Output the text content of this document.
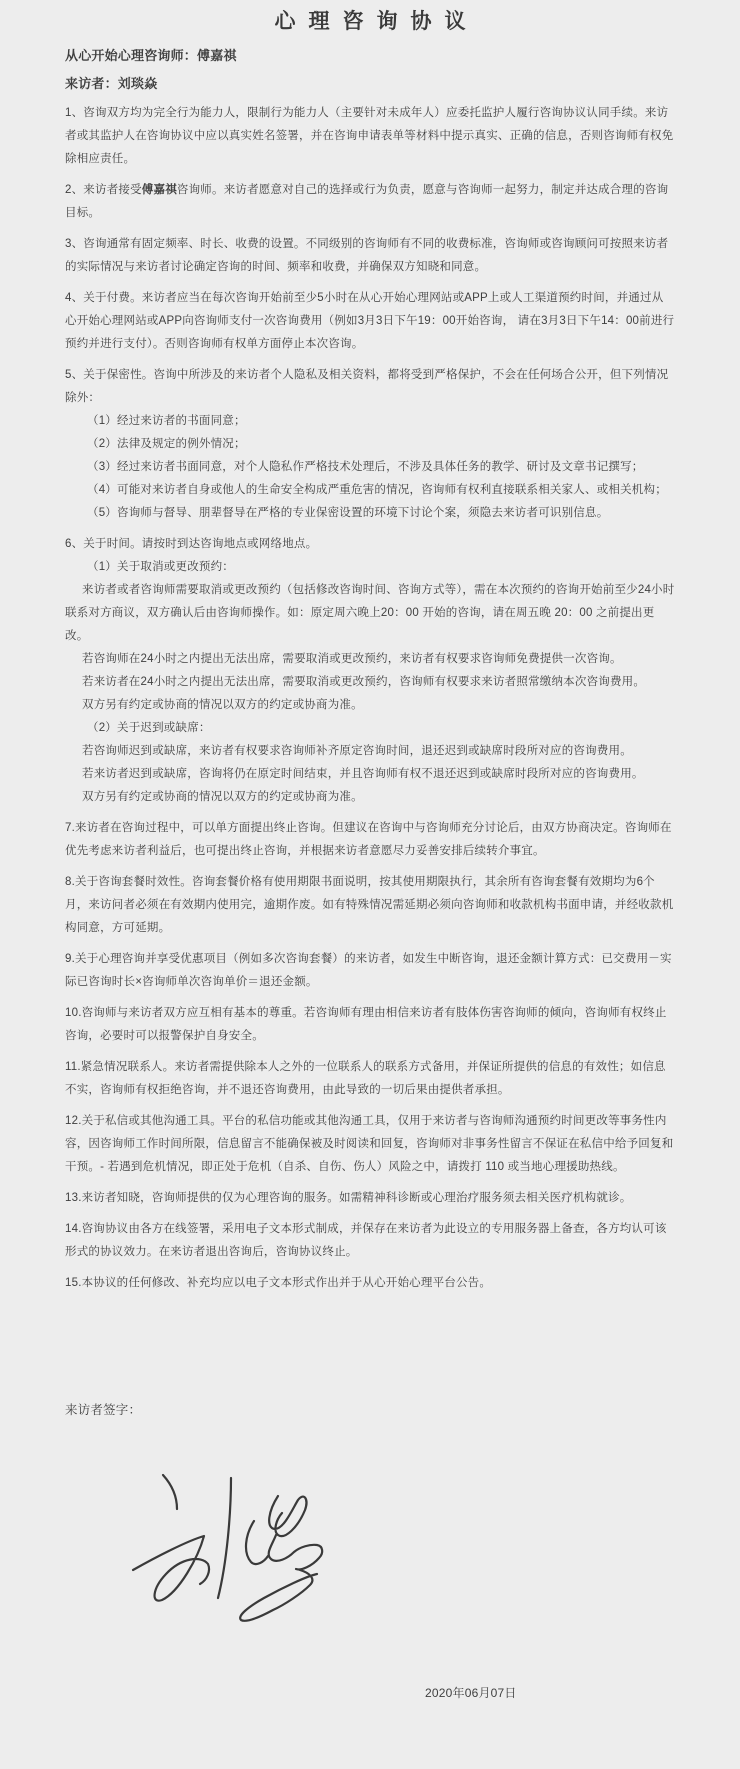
心理咨询协议
从心开始心理咨询师：傅嘉祺
来访者：刘琰焱

1、咨询双方均为完全行为能力人，限制行为能力人（主要针对未成年人）应委托监护人履行咨询协议认同手续。来访者或其监护人在咨询协议中应以真实姓名签署，并在咨询申请表单等材料中提示真实、正确的信息，否则咨询师有权免除相应责任。

2、来访者接受傅嘉祺咨询师。来访者愿意对自己的选择或行为负责，愿意与咨询师一起努力，制定并达成合理的咨询目标。

3、咨询通常有固定频率、时长、收费的设置。不同级别的咨询师有不同的收费标准，咨询师或咨询顾问可按照来访者的实际情况与来访者讨论确定咨询的时间、频率和收费，并确保双方知晓和同意。

4、关于付费。来访者应当在每次咨询开始前至少5小时在从心开始心理网站或APP上或人工渠道预约时间，并通过从心开始心理网站或APP向咨询师支付一次咨询费用（例如3月3日下午19：00开始咨询， 请在3月3日下午14：00前进行预约并进行支付）。否则咨询师有权单方面停止本次咨询。

5、关于保密性。咨询中所涉及的来访者个人隐私及相关资料，都将受到严格保护，不会在任何场合公开，但下列情况除外：

（1）经过来访者的书面同意；

（2）法律及规定的例外情况；

（3）经过来访者书面同意，对个人隐私作严格技术处理后，不涉及具体任务的教学、研讨及文章书记撰写；

（4）可能对来访者自身或他人的生命安全构成严重危害的情况，咨询师有权利直接联系相关家人、或相关机构；

（5）咨询师与督导、朋辈督导在严格的专业保密设置的环境下讨论个案，须隐去来访者可识别信息。

6、关于时间。请按时到达咨询地点或网络地点。

（1）关于取消或更改预约：

来访者或者咨询师需要取消或更改预约（包括修改咨询时间、咨询方式等），需在本次预约的咨询开始前至少24小时联系对方商议，双方确认后由咨询师操作。如：原定周六晚上20：00 开始的咨询，请在周五晚 20：00 之前提出更改。

若咨询师在24小时之内提出无法出席，需要取消或更改预约，来访者有权要求咨询师免费提供一次咨询。

若来访者在24小时之内提出无法出席，需要取消或更改预约，咨询师有权要求来访者照常缴纳本次咨询费用。

双方另有约定或协商的情况以双方的约定或协商为准。

（2）关于迟到或缺席：

若咨询师迟到或缺席，来访者有权要求咨询师补齐原定咨询时间，退还迟到或缺席时段所对应的咨询费用。

若来访者迟到或缺席，咨询将仍在原定时间结束，并且咨询师有权不退还迟到或缺席时段所对应的咨询费用。

双方另有约定或协商的情况以双方的约定或协商为准。

7.来访者在咨询过程中，可以单方面提出终止咨询。但建议在咨询中与咨询师充分讨论后，由双方协商决定。咨询师在优先考虑来访者利益后，也可提出终止咨询，并根据来访者意愿尽力妥善安排后续转介事宜。

8.关于咨询套餐时效性。咨询套餐价格有使用期限书面说明，按其使用期限执行，其余所有咨询套餐有效期均为6个月，来访问者必须在有效期内使用完，逾期作废。如有特殊情况需延期必须向咨询师和收款机构书面申请，并经收款机构同意，方可延期。

9.关于心理咨询并享受优惠项目（例如多次咨询套餐）的来访者，如发生中断咨询，退还金额计算方式：已交费用－实际已咨询时长×咨询师单次咨询单价＝退还金额。

10.咨询师与来访者双方应互相有基本的尊重。若咨询师有理由相信来访者有肢体伤害咨询师的倾向，咨询师有权终止咨询，必要时可以报警保护自身安全。

11.紧急情况联系人。来访者需提供除本人之外的一位联系人的联系方式备用，并保证所提供的信息的有效性；如信息不实，咨询师有权拒绝咨询，并不退还咨询费用，由此导致的一切后果由提供者承担。

12.关于私信或其他沟通工具。平台的私信功能或其他沟通工具，仅用于来访者与咨询师沟通预约时间更改等事务性内容，因咨询师工作时间所限，信息留言不能确保被及时阅读和回复，咨询师对非事务性留言不保证在私信中给予回复和干预。- 若遇到危机情况，即正处于危机（自杀、自伤、伤人）风险之中，请拨打 110 或当地心理援助热线。

13.来访者知晓，咨询师提供的仅为心理咨询的服务。如需精神科诊断或心理治疗服务须去相关医疗机构就诊。

14.咨询协议由各方在线签署，采用电子文本形式制成，并保存在来访者为此设立的专用服务器上备查，各方均认可该形式的协议效力。在来访者退出咨询后，咨询协议终止。

15.本协议的任何修改、补充均应以电子文本形式作出并于从心开始心理平台公告。

来访者签字：
2020年06月07日
